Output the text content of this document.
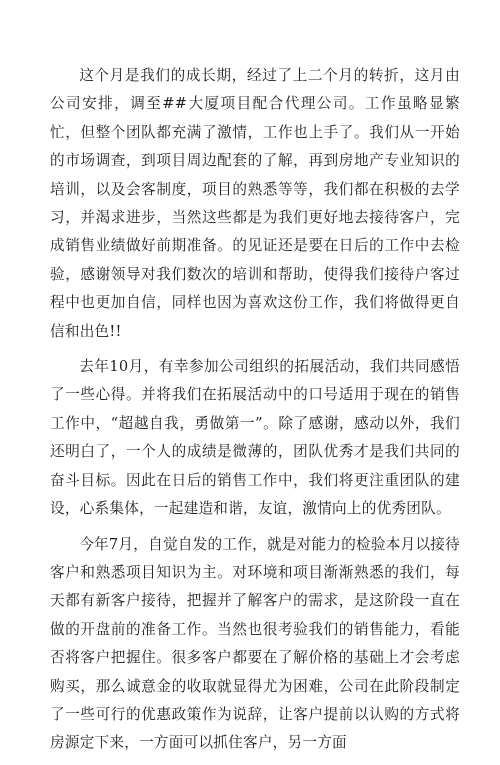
这个月是我们的成长期，经过了上二个月的转折，这月由公司安排，调至##大厦项目配合代理公司。工作虽略显繁忙，但整个团队都充满了激情，工作也上手了。我们从一开始的市场调查，到项目周边配套的了解，再到房地产专业知识的培训，以及会客制度，项目的熟悉等等，我们都在积极的去学习，并渴求进步，当然这些都是为我们更好地去接待客户，完成销售业绩做好前期准备。的见证还是要在日后的工作中去检验，感谢领导对我们数次的培训和帮助，使得我们接待户客过程中也更加自信，同样也因为喜欢这份工作，我们将做得更自信和出色!!

去年10月，有幸参加公司组织的拓展活动，我们共同感悟了一些心得。并将我们在拓展活动中的口号适用于现在的销售工作中，“超越自我，勇做第一”。除了感谢，感动以外，我们还明白了，一个人的成绩是微薄的，团队优秀才是我们共同的奋斗目标。因此在日后的销售工作中，我们将更注重团队的建设，心系集体，一起建造和谐，友谊，激情向上的优秀团队。

今年7月，自觉自发的工作，就是对能力的检验本月以接待客户和熟悉项目知识为主。对环境和项目渐渐熟悉的我们，每天都有新客户接待，把握并了解客户的需求，是这阶段一直在做的开盘前的准备工作。当然也很考验我们的销售能力，看能否将客户把握住。很多客户都要在了解价格的基础上才会考虑购买，那么诚意金的收取就显得尤为困难，公司在此阶段制定了一些可行的优惠政策作为说辞，让客户提前以认购的方式将房源定下来，一方面可以抓住客户，另一方面
